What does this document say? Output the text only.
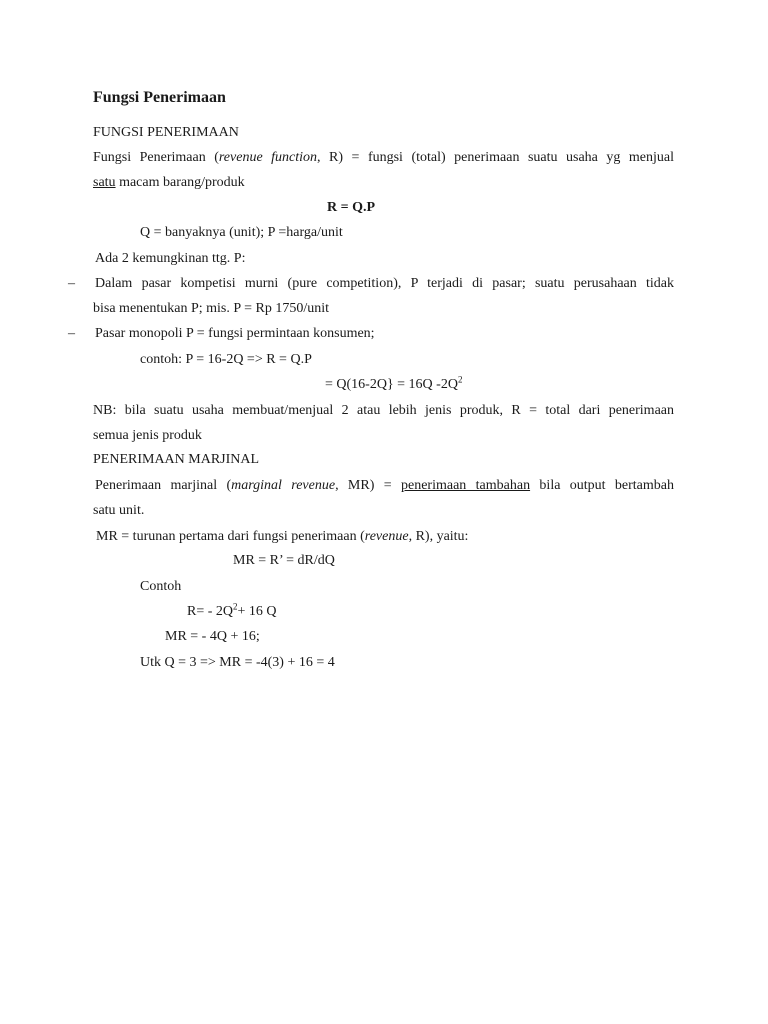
Fungsi Penerimaan
FUNGSI PENERIMAAN
Fungsi Penerimaan (revenue function, R) = fungsi (total) penerimaan suatu usaha yg menjual
satu macam barang/produk
R = Q.P
Q = banyaknya (unit); P =harga/unit
Ada 2 kemungkinan ttg. P:
– Dalam pasar kompetisi murni (pure competition), P terjadi di pasar; suatu perusahaan tidak
bisa menentukan P; mis. P = Rp 1750/unit
– Pasar monopoli P = fungsi permintaan konsumen;
contoh: P = 16-2Q => R = Q.P
= Q(16-2Q} = 16Q $-2Q^2$
NB: bila suatu usaha membuat/menjual 2 atau lebih jenis produk, R = total dari penerimaan
semua jenis produk
PENERIMAAN MARJINAL
Penerimaan marjinal (marginal revenue, MR) = penerimaan tambahan bila output bertambah
satu unit.
MR = turunan pertama dari fungsi penerimaan (revenue, R), yaitu:
MR = R’ = dR/dQ
Contoh
$R= - 2Q^2+ 16$ Q
MR = - 4Q + 16;
Utk Q = 3 => MR = -4(3) + 16 = 4
